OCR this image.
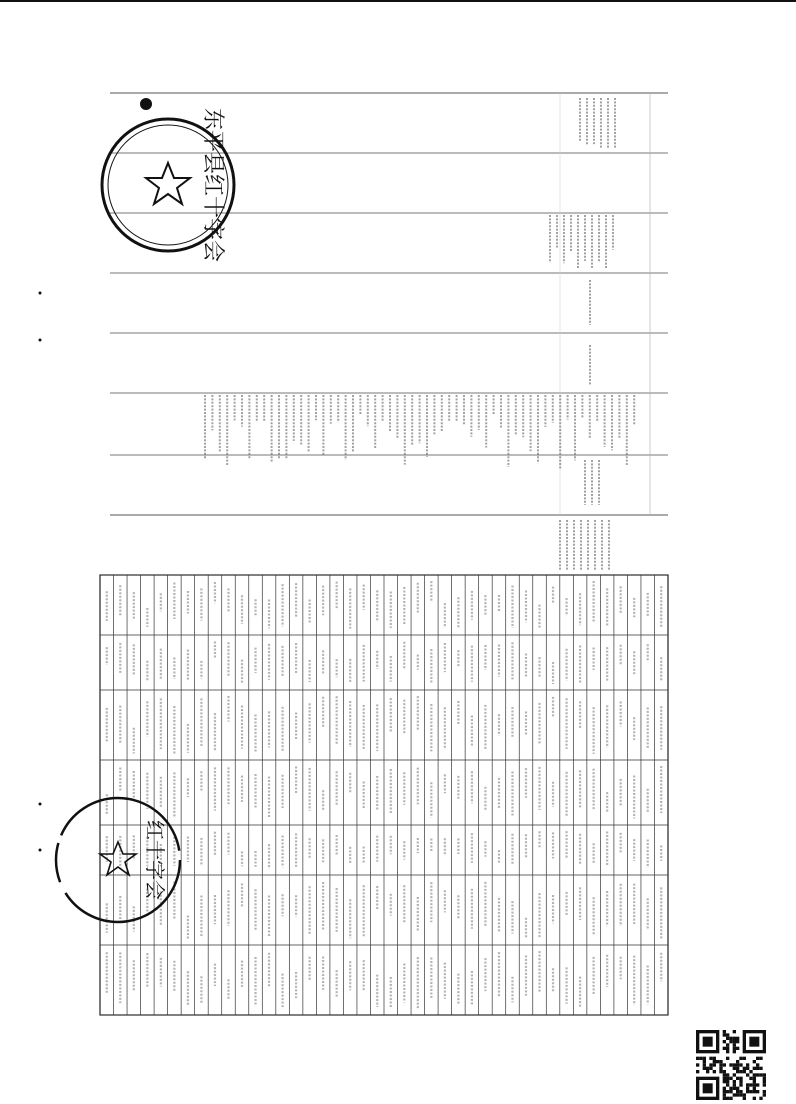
东平县红十字会
红十字会
